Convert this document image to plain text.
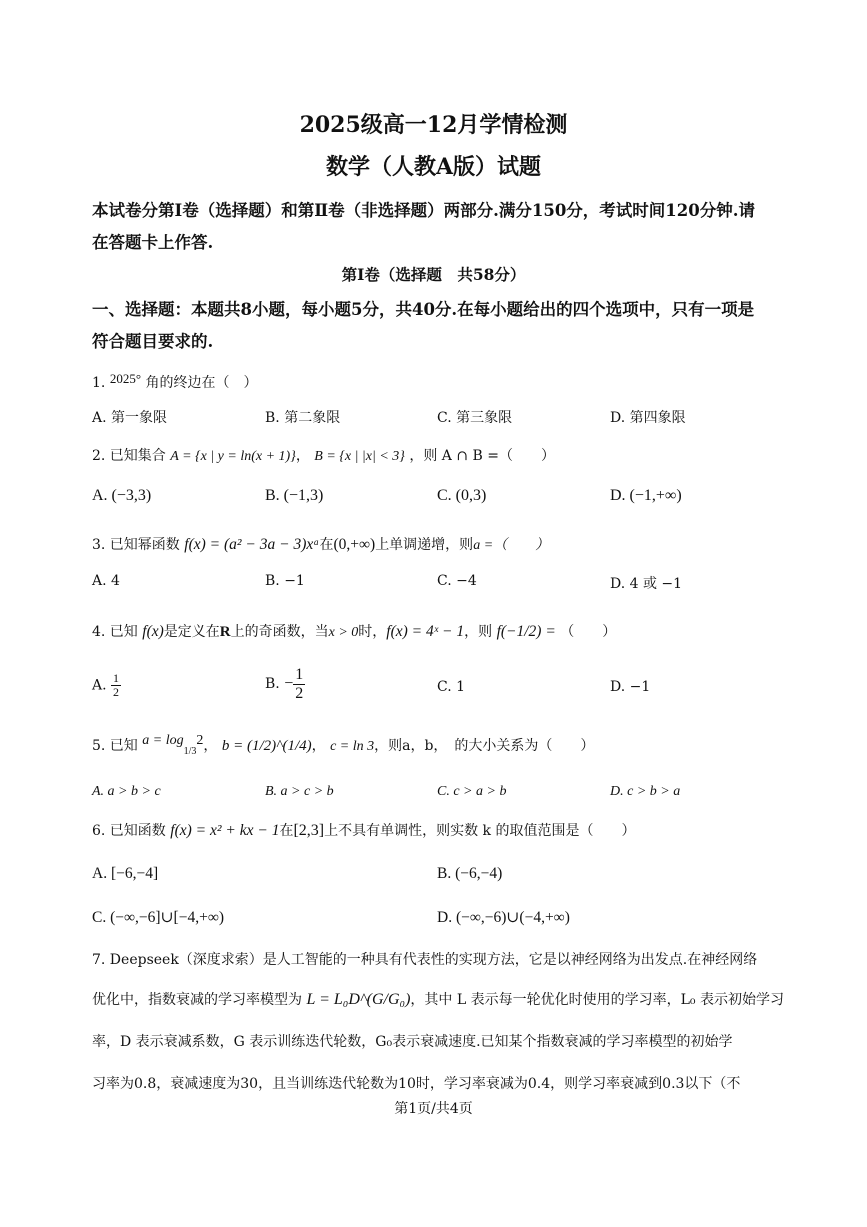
2025级高一12月学情检测
数学（人教A版）试题
本试卷分第Ⅰ卷（选择题）和第Ⅱ卷（非选择题）两部分.满分150分，考试时间120分钟.请
在答题卡上作答.
第Ⅰ卷（选择题　共58分）
一、选择题：本题共8小题，每小题5分，共40分.在每小题给出的四个选项中，只有一项是
符合题目要求的.
1. 2025° 角的终边在（　）
A. 第一象限	B. 第二象限	C. 第三象限	D. 第四象限
2. 已知集合 A = {x | y = ln(x + 1)}， B = {x | |x| < 3} ，则 A ∩ B =（　　）
A. (−3,3)	B. (−1,3)	C. (0,3)	D. (−1,+∞)
3. 已知幂函数 f(x) = (a² − 3a − 3)xᵃ在(0,+∞)上单调递增，则a =（　　）
A. 4	B. −1	C. −4	D. 4 或 −1
4. 已知 f(x)是定义在R上的奇函数，当x > 0时，f(x) = 4ˣ − 1，则 f(−1/2) = （　　）
A. $\frac{1}{2}$	B. − $\frac{1}{2}$	C. 1	D. −1
5. 已知 $a = \log_{1/3}2$， b = (1/2)^(1/4)， c = ln 3，则a，b，　的大小关系为（　　）
A. a > b > c	B. a > c > b	C. c > a > b	D. c > b > a
6. 已知函数 f(x) = x² + kx − 1在[2,3]上不具有单调性，则实数 k 的取值范围是（　　）
A. [−6,−4]	B. (−6,−4)
C. (−∞,−6]∪[−4,+∞)	D. (−∞,−6)∪(−4,+∞)
7. Deepseek（深度求索）是人工智能的一种具有代表性的实现方法，它是以神经网络为出发点.在神经网络
优化中，指数衰减的学习率模型为 L = L₀D^(G/G₀)，其中 L 表示每一轮优化时使用的学习率，L₀ 表示初始学习
率，D 表示衰减系数，G 表示训练迭代轮数，G₀表示衰减速度.已知某个指数衰减的学习率模型的初始学
习率为0.8，衰减速度为30，且当训练迭代轮数为10时，学习率衰减为0.4，则学习率衰减到0.3以下（不
第1页/共4页
